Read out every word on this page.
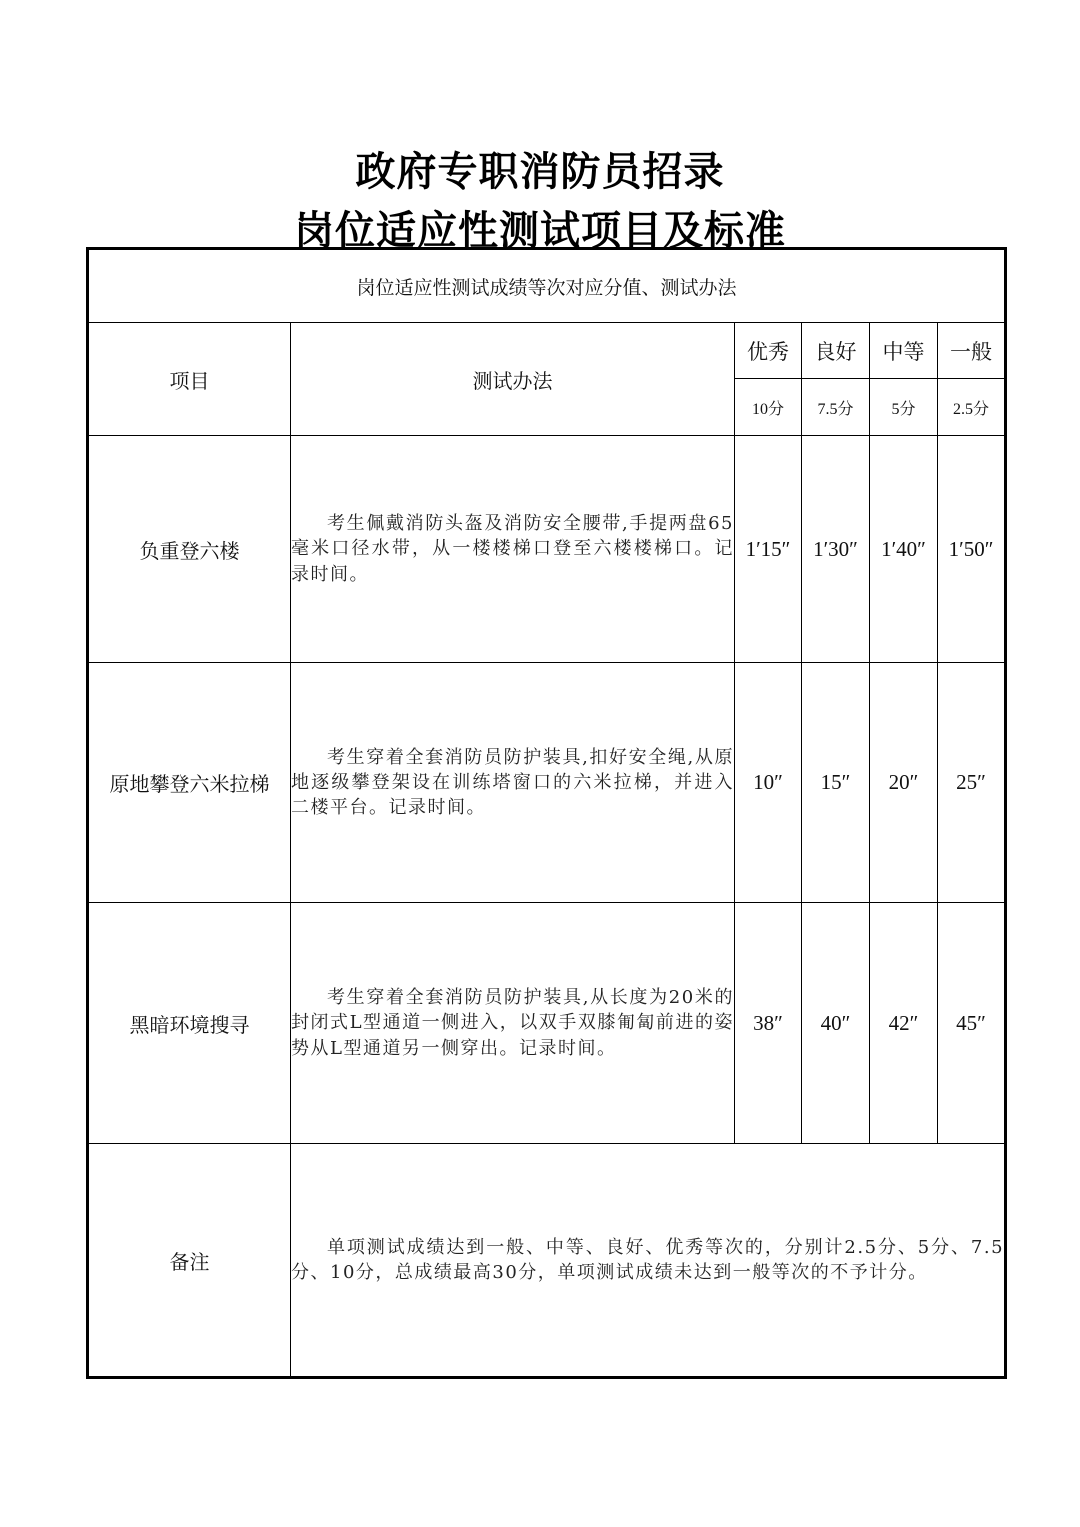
政府专职消防员招录
岗位适应性测试项目及标准
岗位适应性测试成绩等次对应分值、测试办法					
项目	测试办法	优秀	良好	中等	一般
		10分	7.5分	5分	2.5分
负重登六楼	考生佩戴消防头盔及消防安全腰带,手提两盘65毫米口径水带，从一楼楼梯口登至六楼楼梯口。记录时间。	1′15″	1′30″	1′40″	1′50″
原地攀登六米拉梯	考生穿着全套消防员防护装具,扣好安全绳,从原地逐级攀登架设在训练塔窗口的六米拉梯，并进入二楼平台。记录时间。	10″	15″	20″	25″
黑暗环境搜寻	考生穿着全套消防员防护装具,从长度为20米的封闭式L型通道一侧进入，以双手双膝匍匐前进的姿势从L型通道另一侧穿出。记录时间。	38″	40″	42″	45″
备注	单项测试成绩达到一般、中等、良好、优秀等次的，分别计2.5分、5分、7.5分、10分，总成绩最高30分，单项测试成绩未达到一般等次的不予计分。				
